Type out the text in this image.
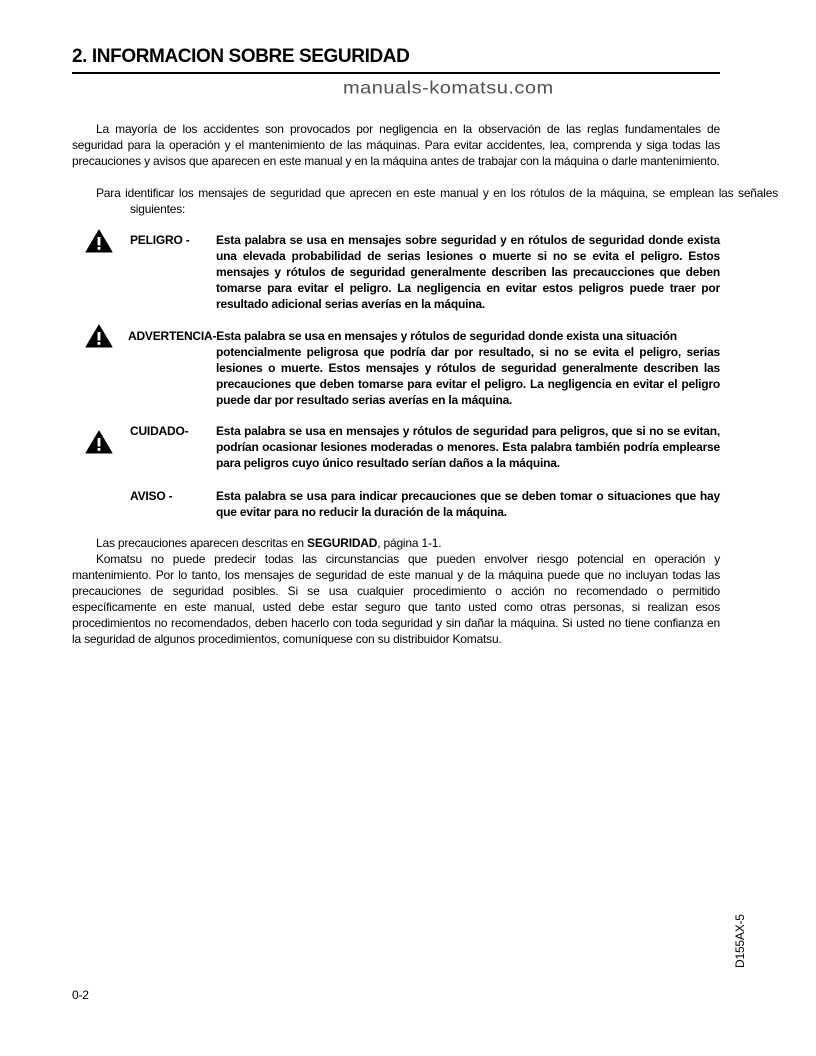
2. INFORMACION SOBRE SEGURIDAD
manuals-komatsu.com
La mayoría de los accidentes son provocados por negligencia en la observación de las reglas fundamentales de seguridad para la operación y el mantenimiento de las máquinas. Para evitar accidentes, lea, comprenda y siga todas las precauciones y avisos que aparecen en este manual y en la máquina antes de trabajar con la máquina o darle mantenimiento.
Para identificar los mensajes de seguridad que aprecen en este manual y en los rótulos de la máquina, se emplean las señales siguientes:
PELIGRO - Esta palabra se usa en mensajes sobre seguridad y en rótulos de seguridad donde exista una elevada probabilidad de serias lesiones o muerte si no se evita el peligro. Estos mensajes y rótulos de seguridad generalmente describen las precaucciones que deben tomarse para evitar el peligro. La negligencia en evitar estos peligros puede traer por resultado adicional serias averías en la máquina.
ADVERTENCIA-Esta palabra se usa en mensajes y rótulos de seguridad donde exista una situación
potencialmente peligrosa que podría dar por resultado, si no se evita el peligro, serias lesiones o muerte. Estos mensajes y rótulos de seguridad generalmente describen las precauciones que deben tomarse para evitar el peligro. La negligencia en evitar el peligro puede dar por resultado serias averías en la máquina.
CUIDADO- Esta palabra se usa en mensajes y rótulos de seguridad para peligros, que si no se evitan, podrían ocasionar lesiones moderadas o menores. Esta palabra también podría emplearse para peligros cuyo único resultado serían daños a la máquina.
AVISO -	Esta palabra se usa para indicar precauciones que se deben tomar o situaciones que hay que evitar para no reducir la duración de la máquina.
Las precauciones aparecen descritas en SEGURIDAD, página 1-1.
Komatsu no puede predecir todas las circunstancias que pueden envolver riesgo potencial en operación y mantenimiento. Por lo tanto, los mensajes de seguridad de este manual y de la máquina puede que no incluyan todas las precauciones de seguridad posibles. Si se usa cualquier procedimiento o acción no recomendado o permitido específicamente en este manual, usted debe estar seguro que tanto usted como otras personas, si realizan esos procedimientos no recomendados, deben hacerlo con toda seguridad y sin dañar la máquina. Si usted no tiene confianza en la seguridad de algunos procedimientos, comuníquese con su distribuidor Komatsu.
D155AX-5
0-2
